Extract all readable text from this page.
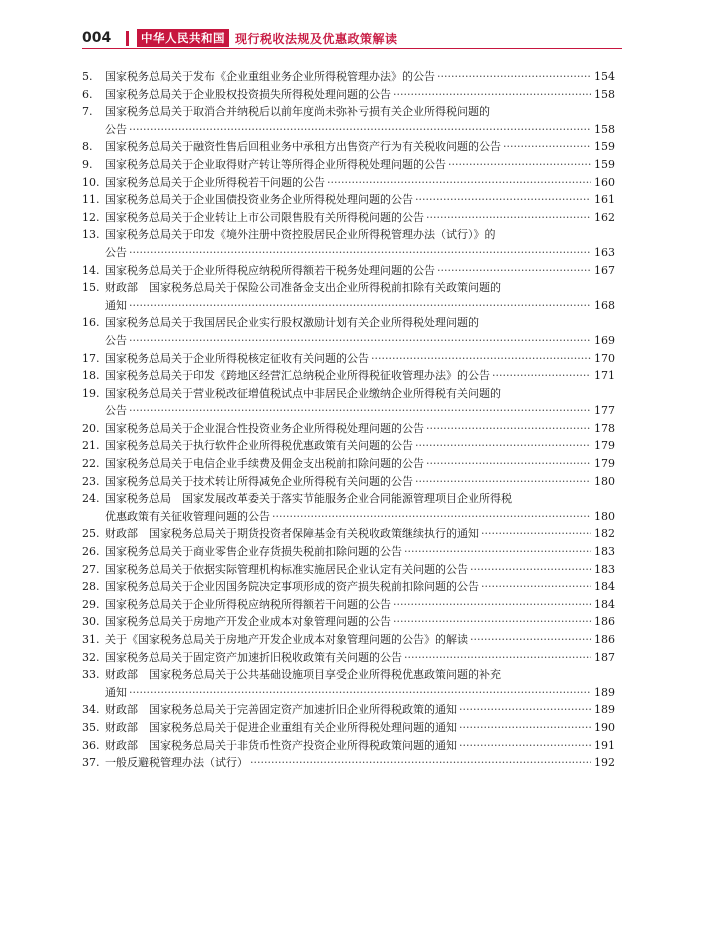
004	中华人民共和国 现行税收法规及优惠政策解读
5.	国家税务总局关于发布《企业重组业务企业所得税管理办法》的公告 ·····	154
6.	国家税务总局关于企业股权投资损失所得税处理问题的公告 ·····	158
7.	国家税务总局关于取消合并纳税后以前年度尚未弥补亏损有关企业所得税问题的
公告 ·····	158
8.	国家税务总局关于融资性售后回租业务中承租方出售资产行为有关税收问题的公告 ·····	159
9.	国家税务总局关于企业取得财产转让等所得企业所得税处理问题的公告 ·····	159
10. 国家税务总局关于企业所得税若干问题的公告 ·····	160
11. 国家税务总局关于企业国债投资业务企业所得税处理问题的公告 ·····	161
12. 国家税务总局关于企业转让上市公司限售股有关所得税问题的公告 ·····	162
13. 国家税务总局关于印发《境外注册中资控股居民企业所得税管理办法（试行）》的
公告 ·····	163
14. 国家税务总局关于企业所得税应纳税所得额若干税务处理问题的公告 ·····	167
15. 财政部　国家税务总局关于保险公司准备金支出企业所得税前扣除有关政策问题的
通知 ·····	168
16. 国家税务总局关于我国居民企业实行股权激励计划有关企业所得税处理问题的
公告 ·····	169
17. 国家税务总局关于企业所得税核定征收有关问题的公告 ·····	170
18. 国家税务总局关于印发《跨地区经营汇总纳税企业所得税征收管理办法》的公告 ·····	171
19. 国家税务总局关于营业税改征增值税试点中非居民企业缴纳企业所得税有关问题的
公告 ·····	177
20. 国家税务总局关于企业混合性投资业务企业所得税处理问题的公告 ·····	178
21. 国家税务总局关于执行软件企业所得税优惠政策有关问题的公告 ·····	179
22. 国家税务总局关于电信企业手续费及佣金支出税前扣除问题的公告 ·····	179
23. 国家税务总局关于技术转让所得减免企业所得税有关问题的公告 ·····	180
24. 国家税务总局　国家发展改革委关于落实节能服务企业合同能源管理项目企业所得税
优惠政策有关征收管理问题的公告 ·····	180
25. 财政部　国家税务总局关于期货投资者保障基金有关税收政策继续执行的通知 ·····	182
26. 国家税务总局关于商业零售企业存货损失税前扣除问题的公告 ·····	183
27. 国家税务总局关于依据实际管理机构标准实施居民企业认定有关问题的公告 ·····	183
28. 国家税务总局关于企业因国务院决定事项形成的资产损失税前扣除问题的公告 ·····	184
29. 国家税务总局关于企业所得税应纳税所得额若干问题的公告 ·····	184
30. 国家税务总局关于房地产开发企业成本对象管理问题的公告 ·····	186
31. 关于《国家税务总局关于房地产开发企业成本对象管理问题的公告》的解读 ·····	186
32. 国家税务总局关于固定资产加速折旧税收政策有关问题的公告 ·····	187
33. 财政部　国家税务总局关于公共基础设施项目享受企业所得税优惠政策问题的补充
通知 ·····	189
34. 财政部　国家税务总局关于完善固定资产加速折旧企业所得税政策的通知 ·····	189
35. 财政部　国家税务总局关于促进企业重组有关企业所得税处理问题的通知 ·····	190
36. 财政部　国家税务总局关于非货币性资产投资企业所得税政策问题的通知 ·····	191
37. 一般反避税管理办法（试行） ·····	192
